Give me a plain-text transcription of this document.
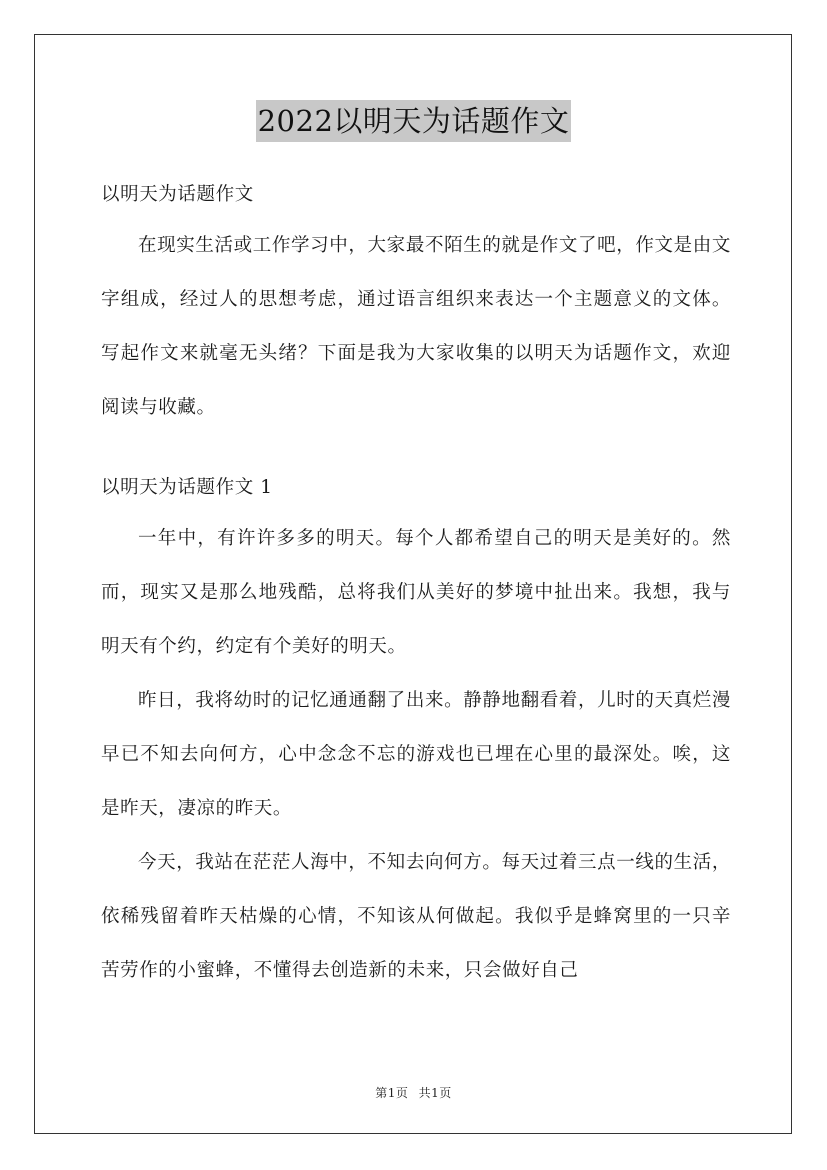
2022以明天为话题作文

以明天为话题作文

在现实生活或工作学习中，大家最不陌生的就是作文了吧，作文是由文字组成，经过人的思想考虑，通过语言组织来表达一个主题意义的文体。写起作文来就毫无头绪？下面是我为大家收集的以明天为话题作文，欢迎阅读与收藏。

以明天为话题作文 1

一年中，有许许多多的明天。每个人都希望自己的明天是美好的。然而，现实又是那么地残酷，总将我们从美好的梦境中扯出来。我想，我与明天有个约，约定有个美好的明天。

昨日，我将幼时的记忆通通翻了出来。静静地翻看着，儿时的天真烂漫早已不知去向何方，心中念念不忘的游戏也已埋在心里的最深处。唉，这是昨天，凄凉的昨天。

今天，我站在茫茫人海中，不知去向何方。每天过着三点一线的生活，依稀残留着昨天枯燥的心情，不知该从何做起。我似乎是蜂窝里的一只辛苦劳作的小蜜蜂，不懂得去创造新的未来，只会做好自己

第1页 共1页
